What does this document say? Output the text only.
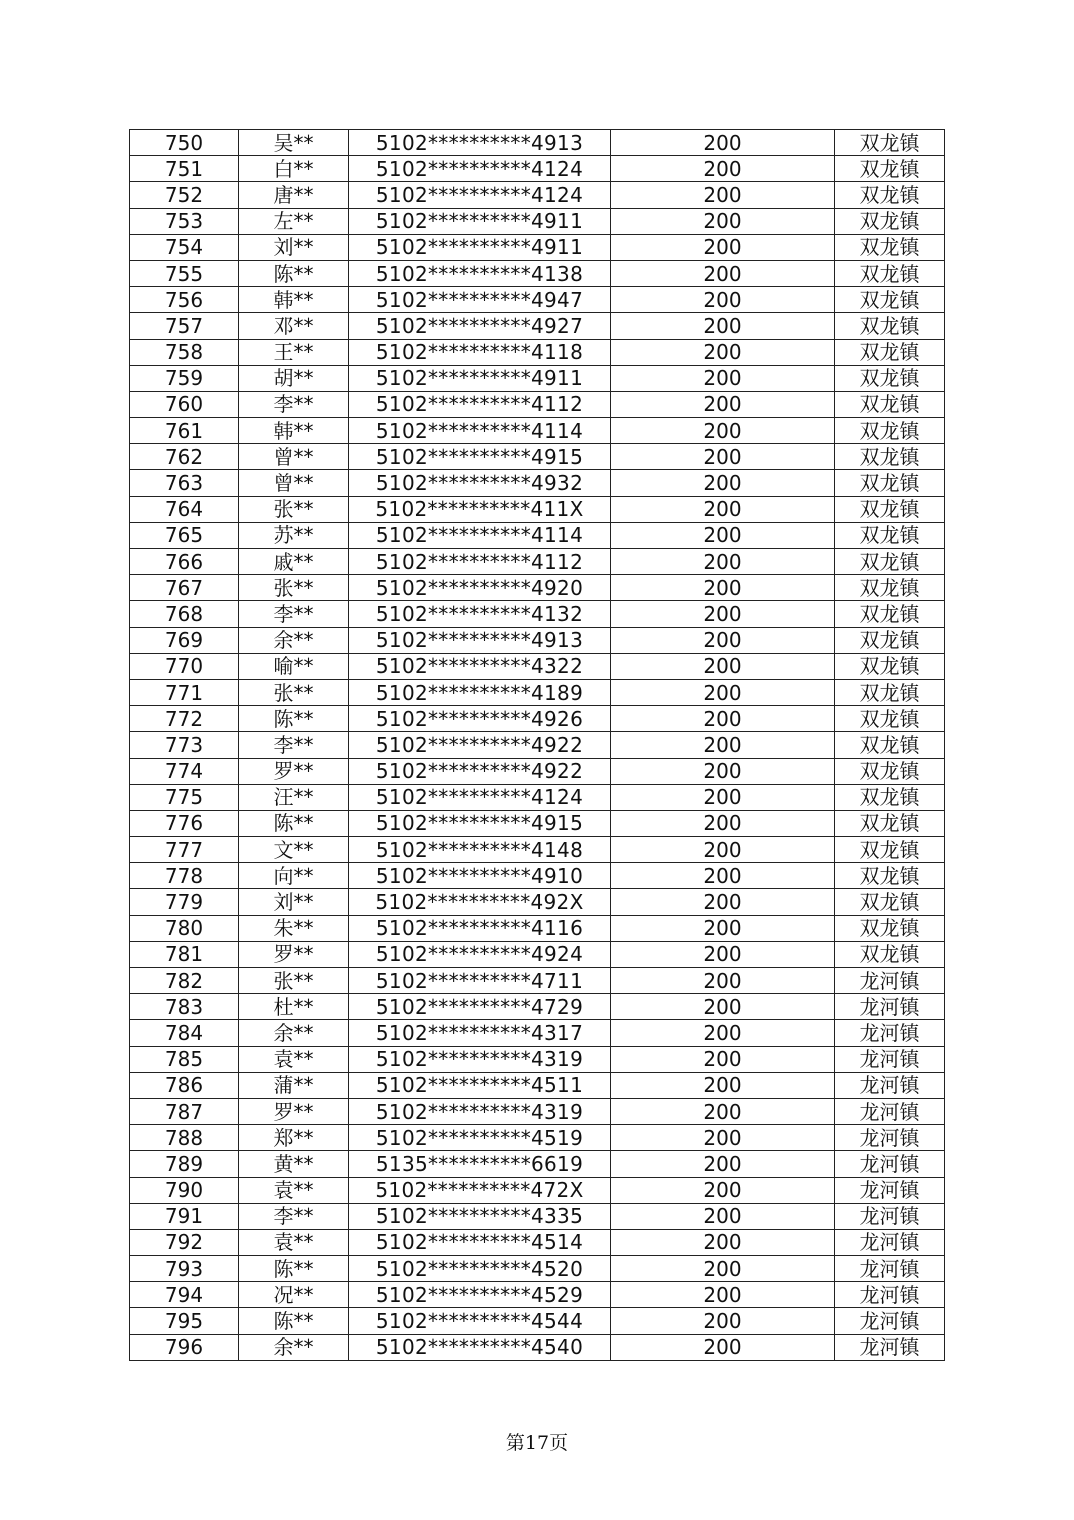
750	吴**	5102**********4913	200	双龙镇
751	白**	5102**********4124	200	双龙镇
752	唐**	5102**********4124	200	双龙镇
753	左**	5102**********4911	200	双龙镇
754	刘**	5102**********4911	200	双龙镇
755	陈**	5102**********4138	200	双龙镇
756	韩**	5102**********4947	200	双龙镇
757	邓**	5102**********4927	200	双龙镇
758	王**	5102**********4118	200	双龙镇
759	胡**	5102**********4911	200	双龙镇
760	李**	5102**********4112	200	双龙镇
761	韩**	5102**********4114	200	双龙镇
762	曾**	5102**********4915	200	双龙镇
763	曾**	5102**********4932	200	双龙镇
764	张**	5102**********411X	200	双龙镇
765	苏**	5102**********4114	200	双龙镇
766	戚**	5102**********4112	200	双龙镇
767	张**	5102**********4920	200	双龙镇
768	李**	5102**********4132	200	双龙镇
769	余**	5102**********4913	200	双龙镇
770	喻**	5102**********4322	200	双龙镇
771	张**	5102**********4189	200	双龙镇
772	陈**	5102**********4926	200	双龙镇
773	李**	5102**********4922	200	双龙镇
774	罗**	5102**********4922	200	双龙镇
775	汪**	5102**********4124	200	双龙镇
776	陈**	5102**********4915	200	双龙镇
777	文**	5102**********4148	200	双龙镇
778	向**	5102**********4910	200	双龙镇
779	刘**	5102**********492X	200	双龙镇
780	朱**	5102**********4116	200	双龙镇
781	罗**	5102**********4924	200	双龙镇
782	张**	5102**********4711	200	龙河镇
783	杜**	5102**********4729	200	龙河镇
784	余**	5102**********4317	200	龙河镇
785	袁**	5102**********4319	200	龙河镇
786	蒲**	5102**********4511	200	龙河镇
787	罗**	5102**********4319	200	龙河镇
788	郑**	5102**********4519	200	龙河镇
789	黄**	5135**********6619	200	龙河镇
790	袁**	5102**********472X	200	龙河镇
791	李**	5102**********4335	200	龙河镇
792	袁**	5102**********4514	200	龙河镇
793	陈**	5102**********4520	200	龙河镇
794	况**	5102**********4529	200	龙河镇
795	陈**	5102**********4544	200	龙河镇
796	余**	5102**********4540	200	龙河镇
第17页
